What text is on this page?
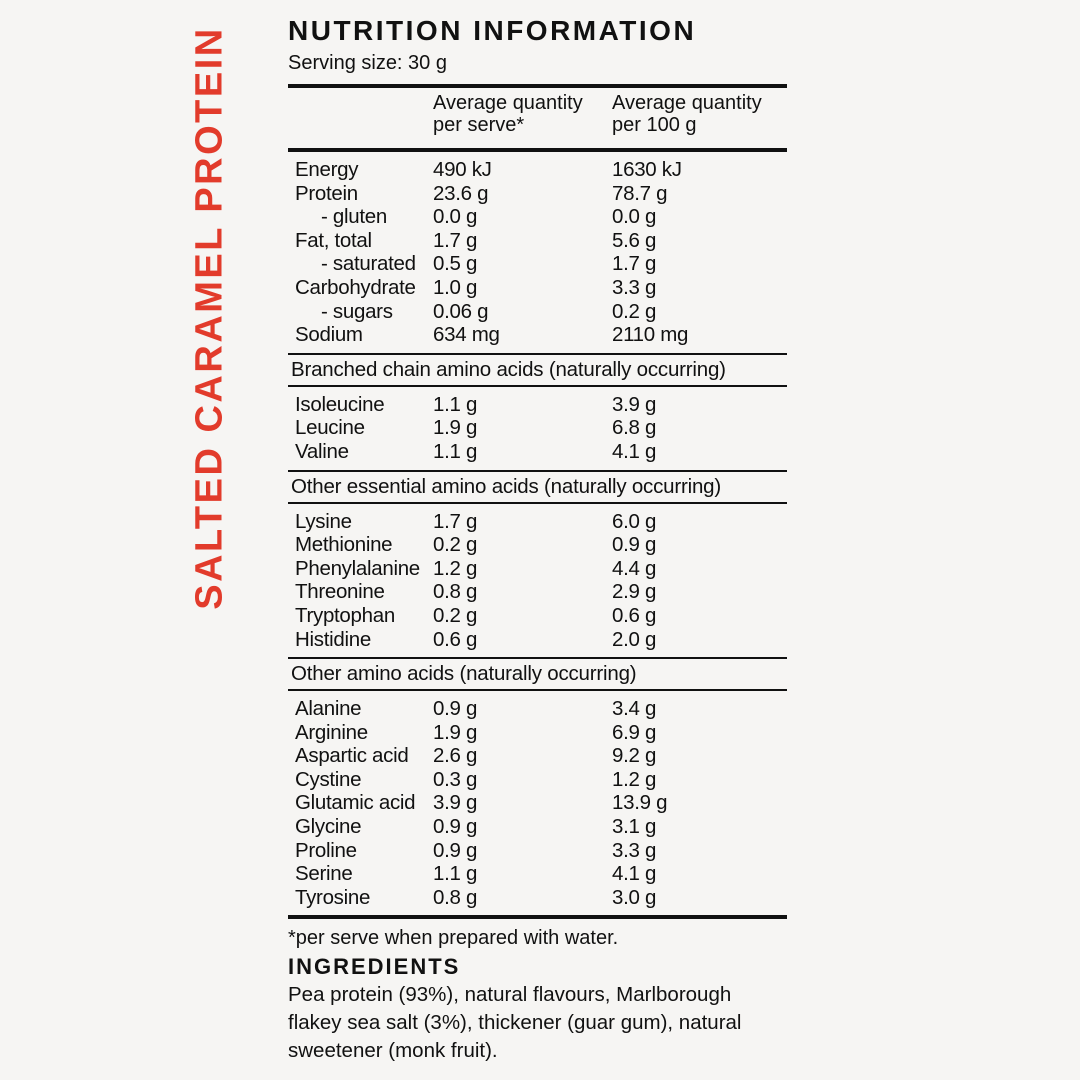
SALTED CARAMEL PROTEIN NUTRITION INFORMATION
Serving size: 30 g
Average quantity per serve*
Average quantity per 100 g
Energy	490 kJ	1630 kJ
Protein	23.6 g	78.7 g
- gluten	0.0 g	0.0 g
Fat, total	1.7 g	5.6 g
- saturated 0.5 g	1.7 g
Carbohydrate 1.0 g	3.3 g
- sugars	0.06 g	0.2 g
Sodium	634 mg	2110 mg
Branched chain amino acids (naturally occurring)
Isoleucine	1.1 g	3.9 g
Leucine	1.9 g	6.8 g
Valine	1.1 g	4.1 g
Other essential amino acids (naturally occurring)
Lysine	1.7 g	6.0 g
Methionine	0.2 g	0.9 g
Phenylalanine 1.2 g	4.4 g
Threonine	0.8 g	2.9 g
Tryptophan	0.2 g	0.6 g
Histidine	0.6 g	2.0 g
Other amino acids (naturally occurring)
Alanine	0.9 g	3.4 g
Arginine	1.9 g	6.9 g
Aspartic acid	2.6 g	9.2 g
Cystine	0.3 g	1.2 g
Glutamic acid 3.9 g	13.9 g
Glycine	0.9 g	3.1 g
Proline	0.9 g	3.3 g
Serine	1.1 g	4.1 g
Tyrosine	0.8 g	3.0 g
*per serve when prepared with water.
INGREDIENTS
Pea protein (93%), natural flavours, Marlborough flakey sea salt (3%), thickener (guar gum), natural sweetener (monk fruit).
